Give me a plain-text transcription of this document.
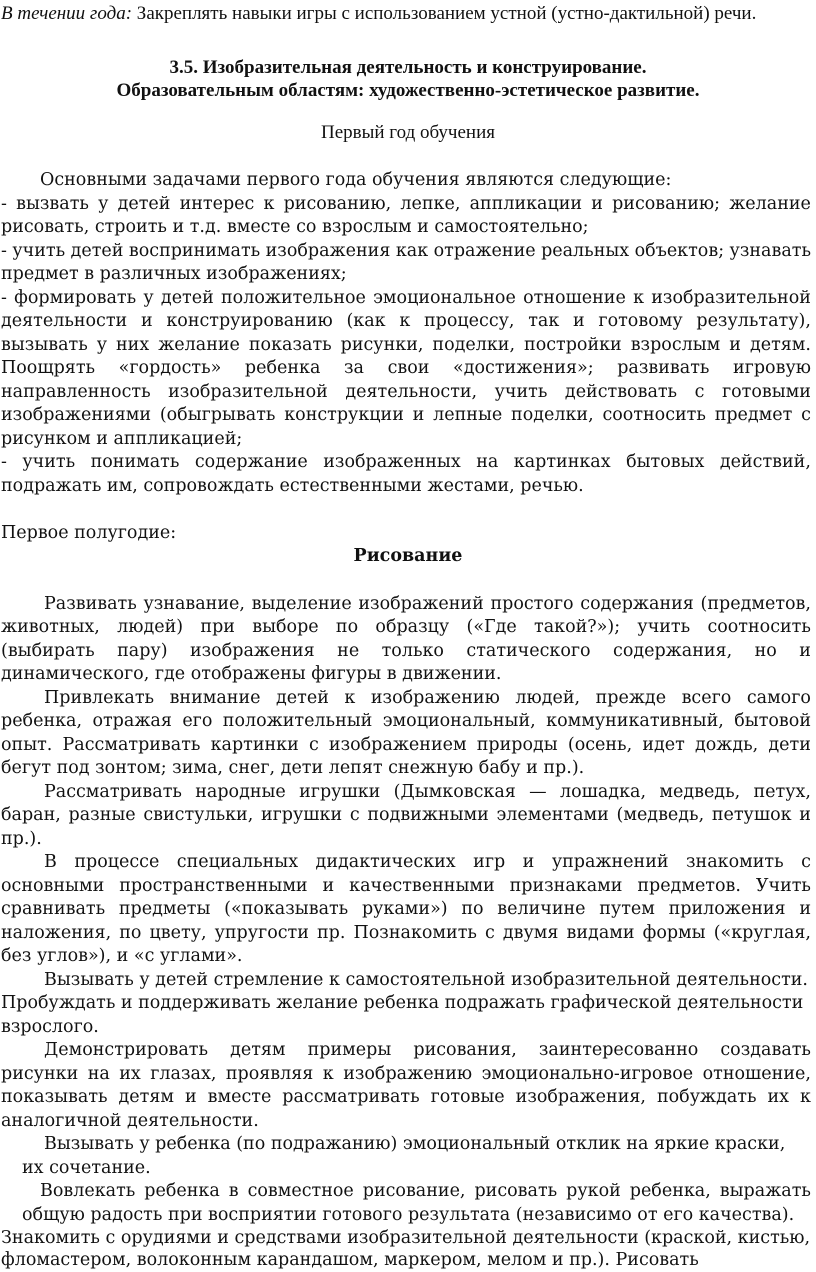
В течении года: Закреплять навыки игры с использованием устной (устно-дактильной) речи.
3.5. Изобразительная деятельность и конструирование.
Образовательным областям: художественно-эстетическое развитие.
Первый год обучения
Основными задачами первого года обучения являются следующие:
- вызвать у детей интерес к рисованию, лепке, аппликации и рисованию; желание
рисовать, строить и т.д. вместе со взрослым и самостоятельно;
- учить детей воспринимать изображения как отражение реальных объектов; узнавать
предмет в различных изображениях;
- формировать у детей положительное эмоциональное отношение к изобразительной
деятельности и конструированию (как к процессу, так и готовому результату),
вызывать у них желание показать рисунки, поделки, постройки взрослым и детям.
Поощрять «гордость» ребенка за свои «достижения»; развивать игровую
направленность изобразительной деятельности, учить действовать с готовыми
изображениями (обыгрывать конструкции и лепные поделки, соотносить предмет с
рисунком и аппликацией;
- учить понимать содержание изображенных на картинках бытовых действий,
подражать им, сопровождать естественными жестами, речью.
Первое полугодие:
Рисование
Развивать узнавание, выделение изображений простого содержания (предметов,
животных, людей) при выборе по образцу («Где такой?»); учить соотносить
(выбирать пару) изображения не только статического содержания, но и
динамического, где отображены фигуры в движении.
Привлекать внимание детей к изображению людей, прежде всего самого
ребенка, отражая его положительный эмоциональный, коммуникативный, бытовой
опыт. Рассматривать картинки с изображением природы (осень, идет дождь, дети
бегут под зонтом; зима, снег, дети лепят снежную бабу и пр.).
Рассматривать народные игрушки (Дымковская — лошадка, медведь, петух,
баран, разные свистульки, игрушки с подвижными элементами (медведь, петушок и
пр.).
В процессе специальных дидактических игр и упражнений знакомить с
основными пространственными и качественными признаками предметов. Учить
сравнивать предметы («показывать руками») по величине путем приложения и
наложения, по цвету, упругости пр. Познакомить с двумя видами формы («круглая,
без углов»), и «с углами».
Вызывать у детей стремление к самостоятельной изобразительной деятельности.
Пробуждать и поддерживать желание ребенка подражать графической деятельности
взрослого.
Демонстрировать детям примеры рисования, заинтересованно создавать
рисунки на их глазах, проявляя к изображению эмоционально-игровое отношение,
показывать детям и вместе рассматривать готовые изображения, побуждать их к
аналогичной деятельности.
Вызывать у ребенка (по подражанию) эмоциональный отклик на яркие краски,
их сочетание.
Вовлекать ребенка в совместное рисование, рисовать рукой ребенка, выражать
общую радость при восприятии готового результата (независимо от его качества).
Знакомить с орудиями и средствами изобразительной деятельности (краской, кистью,
фломастером, волоконным карандашом, маркером, мелом и пр.). Рисовать
